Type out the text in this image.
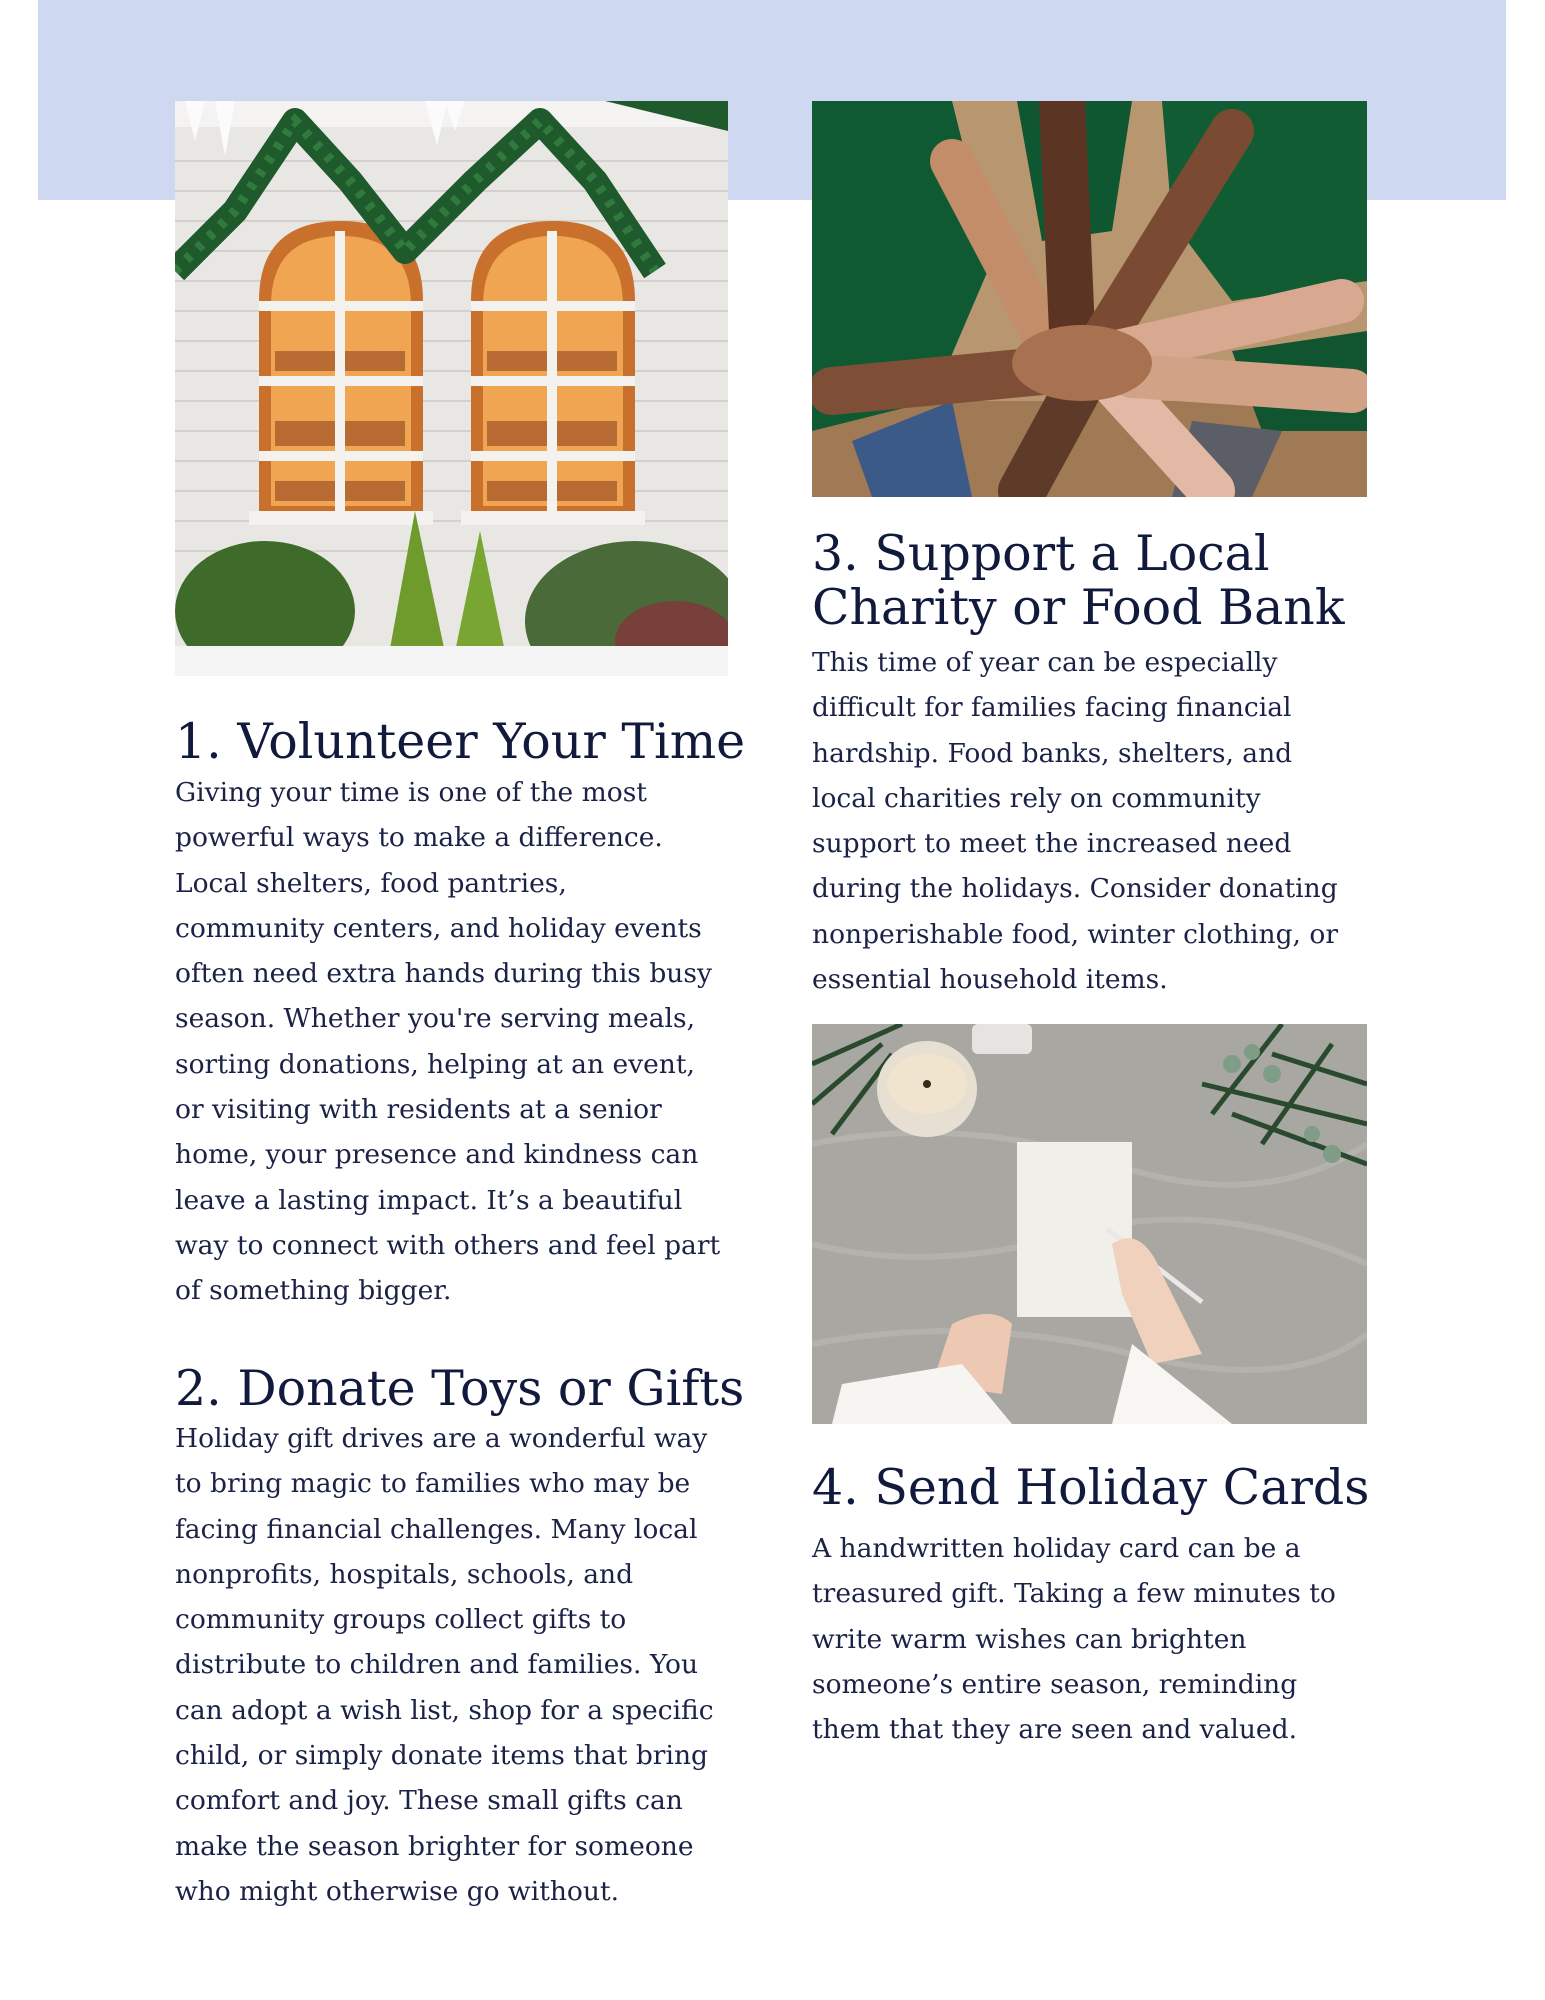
1. Volunteer Your Time
Giving your time is one of the most
powerful ways to make a difference.
Local shelters, food pantries,
community centers, and holiday events
often need extra hands during this busy
season. Whether you're serving meals,
sorting donations, helping at an event,
or visiting with residents at a senior
home, your presence and kindness can
leave a lasting impact. It’s a beautiful
way to connect with others and feel part
of something bigger.
2. Donate Toys or Gifts
Holiday gift drives are a wonderful way
to bring magic to families who may be
facing financial challenges. Many local
nonprofits, hospitals, schools, and
community groups collect gifts to
distribute to children and families. You
can adopt a wish list, shop for a specific
child, or simply donate items that bring
comfort and joy. These small gifts can
make the season brighter for someone
who might otherwise go without.
3. Support a Local
Charity or Food Bank
This time of year can be especially
difficult for families facing financial
hardship. Food banks, shelters, and
local charities rely on community
support to meet the increased need
during the holidays. Consider donating
nonperishable food, winter clothing, or
essential household items.
4. Send Holiday Cards
A handwritten holiday card can be a
treasured gift. Taking a few minutes to
write warm wishes can brighten
someone’s entire season, reminding
them that they are seen and valued.
